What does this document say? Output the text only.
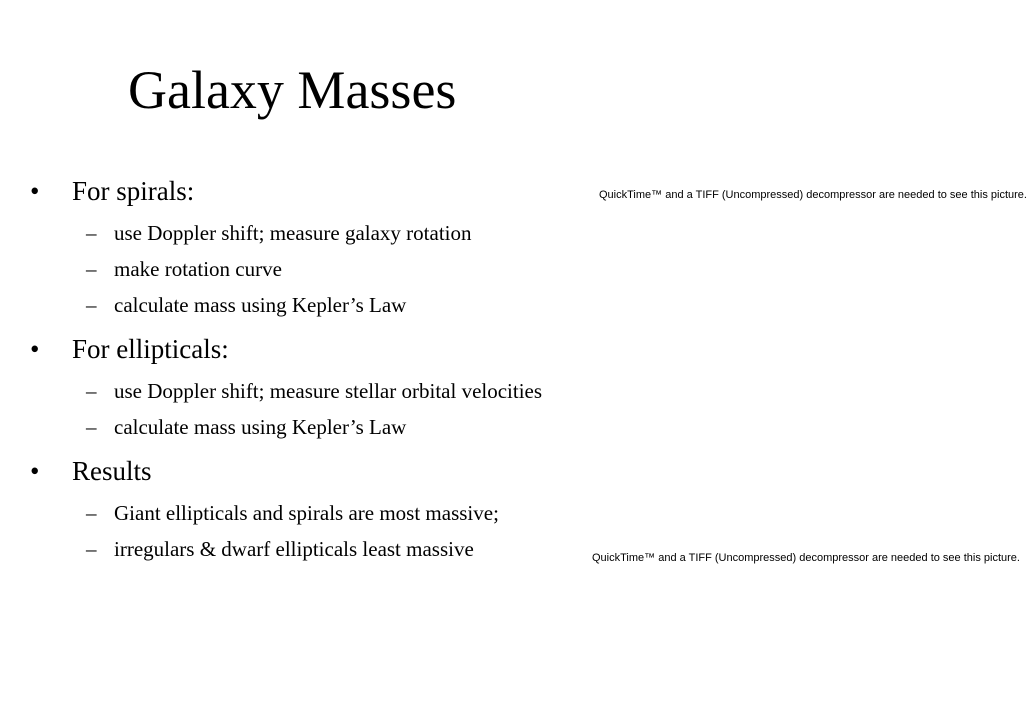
Galaxy Masses

•	For spirals:

– use Doppler shift; measure galaxy rotation

– make rotation curve

– calculate mass using Kepler’s Law

•	For ellipticals:

– use Doppler shift; measure stellar orbital velocities

– calculate mass using Kepler’s Law

•	Results

– Giant ellipticals and spirals are most massive;

– irregulars & dwarf ellipticals least massive

QuickTime™ and a TIFF (Uncompressed) decompressor are needed to see this picture.
QuickTime™ and a TIFF (Uncompressed) decompressor are needed to see this picture.
